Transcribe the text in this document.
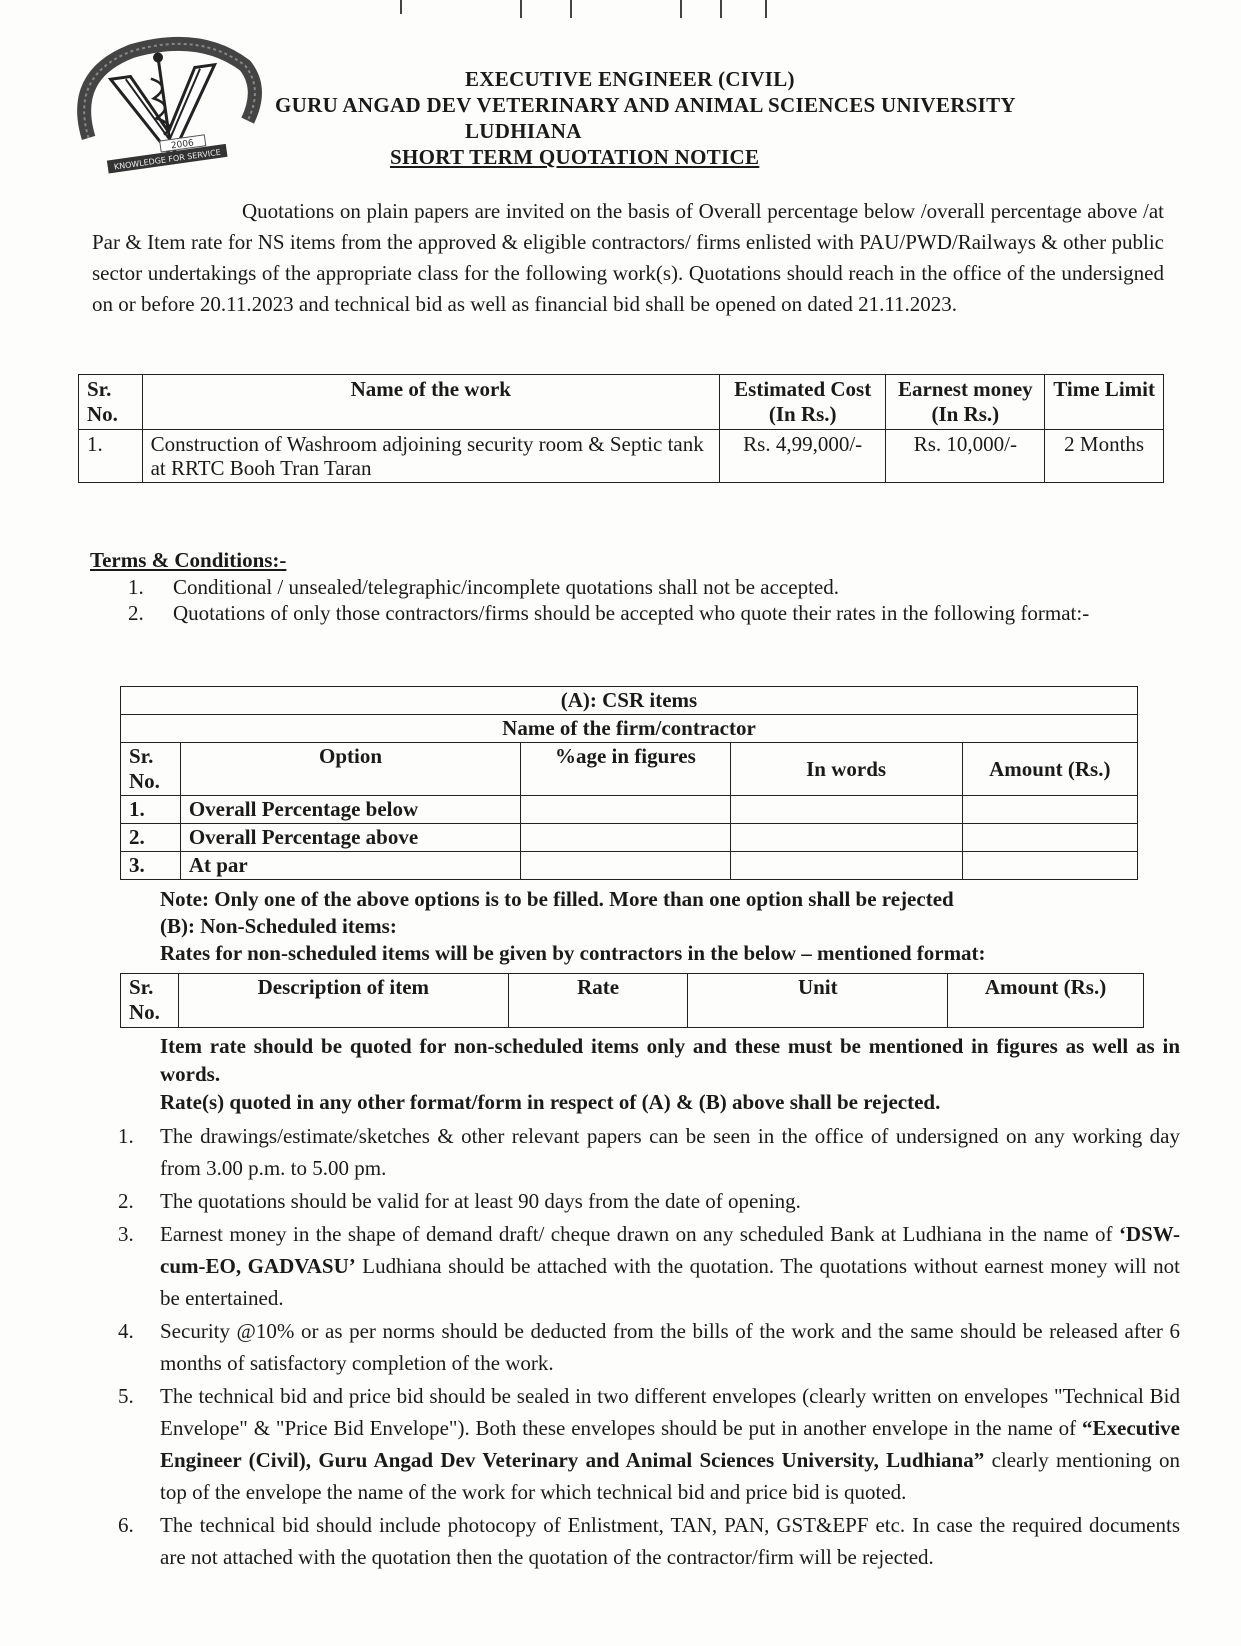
2006
KNOWLEDGE FOR SERVICE
EXECUTIVE ENGINEER (CIVIL)
GURU ANGAD DEV VETERINARY AND ANIMAL SCIENCES UNIVERSITY
LUDHIANA
SHORT TERM QUOTATION NOTICE
Quotations on plain papers are invited on the basis of Overall percentage below /overall percentage above /at Par & Item rate for NS items from the approved & eligible contractors/ firms enlisted with PAU/PWD/Railways & other public sector undertakings of the appropriate class for the following work(s). Quotations should reach in the office of the undersigned on or before 20.11.2023 and technical bid as well as financial bid shall be opened on dated 21.11.2023.
Sr. No.	Name of the work	Estimated Cost (In Rs.)	Earnest money (In Rs.)	Time Limit
1.	Construction of Washroom adjoining security room & Septic tank at RRTC Booh Tran Taran	Rs. 4,99,000/-	Rs. 10,000/-	2 Months
Terms & Conditions:-
1.	Conditional / unsealed/telegraphic/incomplete quotations shall not be accepted.
2.	Quotations of only those contractors/firms should be accepted who quote their rates in the following format:-
(A): CSR items				
Name of the firm/contractor				
Sr. No.	Option	%age in figures	In words	Amount (Rs.)
1.	Overall Percentage below			
2.	Overall Percentage above			
3.	At par			
Note: Only one of the above options is to be filled. More than one option shall be rejected
(B): Non-Scheduled items:
Rates for non-scheduled items will be given by contractors in the below – mentioned format:
Sr. No.	Description of item	Rate	Unit	Amount (Rs.)
Item rate should be quoted for non-scheduled items only and these must be mentioned in figures as well as in words.
Rate(s) quoted in any other format/form in respect of (A) & (B) above shall be rejected.
1.	The drawings/estimate/sketches & other relevant papers can be seen in the office of undersigned on any working day from 3.00 p.m. to 5.00 pm.
2.	The quotations should be valid for at least 90 days from the date of opening.
3.	Earnest money in the shape of demand draft/ cheque drawn on any scheduled Bank at Ludhiana in the name of ‘DSW-cum-EO, GADVASU’ Ludhiana should be attached with the quotation. The quotations without earnest money will not be entertained.
4.	Security @10% or as per norms should be deducted from the bills of the work and the same should be released after 6 months of satisfactory completion of the work.
5.	The technical bid and price bid should be sealed in two different envelopes (clearly written on envelopes "Technical Bid Envelope" & "Price Bid Envelope"). Both these envelopes should be put in another envelope in the name of “Executive Engineer (Civil), Guru Angad Dev Veterinary and Animal Sciences University, Ludhiana” clearly mentioning on top of the envelope the name of the work for which technical bid and price bid is quoted.
6.	The technical bid should include photocopy of Enlistment, TAN, PAN, GST&EPF etc. In case the required documents are not attached with the quotation then the quotation of the contractor/firm will be rejected.
